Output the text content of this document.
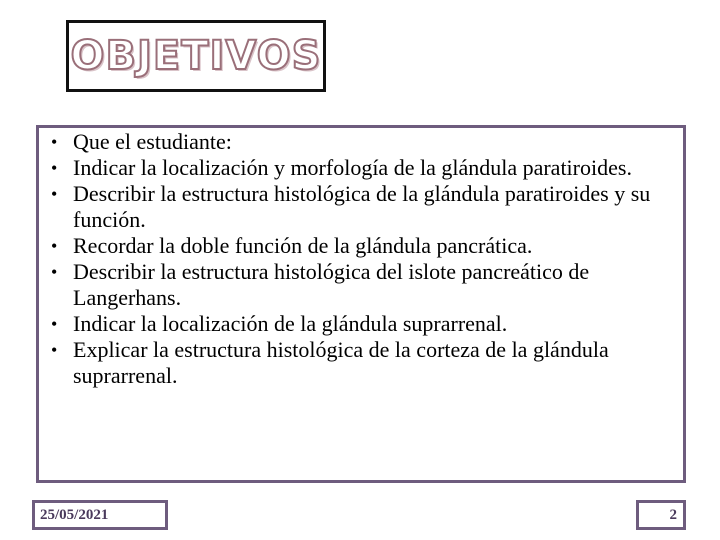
OBJETIVOS
• Que el estudiante:
• Indicar la localización y morfología de la glándula paratiroides.
• Describir la estructura histológica de la glándula paratiroides y su función.
• Recordar la doble función de la glándula pancrática.
• Describir la estructura histológica del islote pancreático de Langerhans.
• Indicar la localización de la glándula suprarrenal.
• Explicar la estructura histológica de la corteza de la glándula suprarrenal.
25/05/2021	2
